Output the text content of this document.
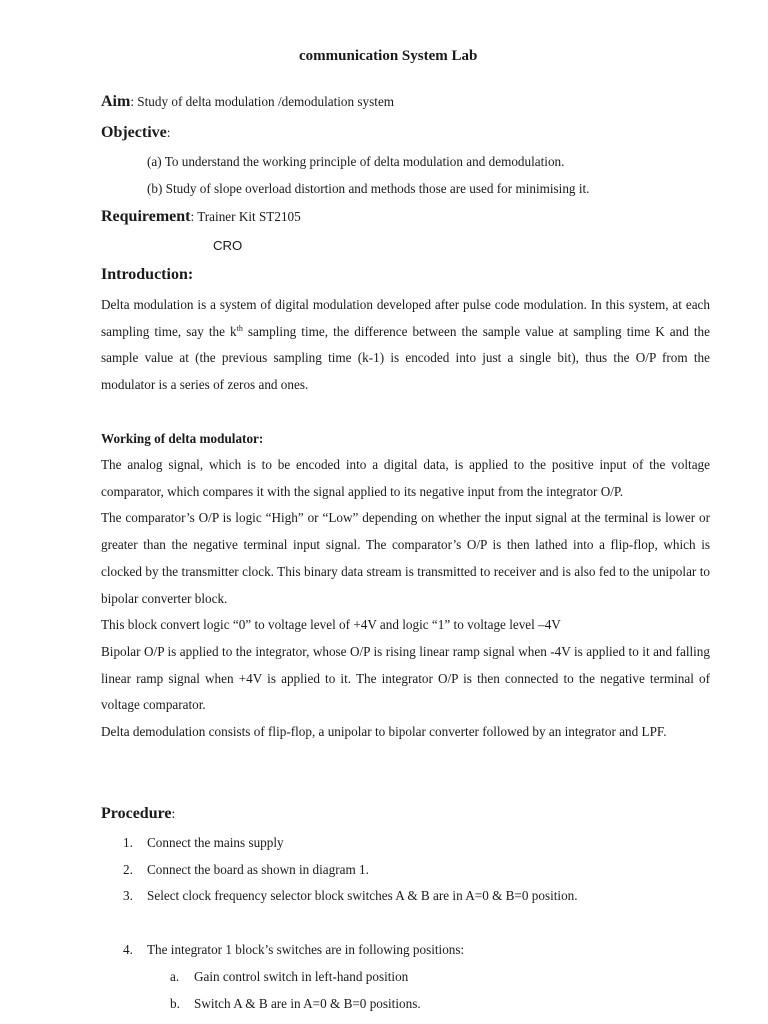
communication System Lab
Aim: Study of delta modulation /demodulation system
Objective:
(a) To understand the working principle of delta modulation and demodulation.
(b) Study of slope overload distortion and methods those are used for minimising it.
Requirement: Trainer Kit ST2105
CRO
Introduction:

Delta modulation is a system of digital modulation developed after pulse code modulation. In this system, at each sampling time, say the $k^{th}$ sampling time, the difference between the sample value at sampling time K and the sample value at (the previous sampling time (k-1) is encoded into just a single bit), thus the O/P from the modulator is a series of zeros and ones.

Working of delta modulator:

The analog signal, which is to be encoded into a digital data, is applied to the positive input of the voltage comparator, which compares it with the signal applied to its negative input from the integrator O/P.

The comparator’s O/P is logic “High” or “Low” depending on whether the input signal at the terminal is lower or greater than the negative terminal input signal. The comparator’s O/P is then lathed into a flip-flop, which is clocked by the transmitter clock. This binary data stream is transmitted to receiver and is also fed to the unipolar to bipolar converter block.

This block convert logic “0” to voltage level of +4V and logic “1” to voltage level –4V

Bipolar O/P is applied to the integrator, whose O/P is rising linear ramp signal when -4V is applied to it and falling linear ramp signal when +4V is applied to it. The integrator O/P is then connected to the negative terminal of voltage comparator.

Delta demodulation consists of flip-flop, a unipolar to bipolar converter followed by an integrator and LPF.

Procedure:
1. Connect the mains supply
2. Connect the board as shown in diagram 1.
3. Select clock frequency selector block switches A & B are in A=0 & B=0 position.
4. The integrator 1 block’s switches are in following positions:
a. Gain control switch in left-hand position
b. Switch A & B are in A=0 & B=0 positions.
